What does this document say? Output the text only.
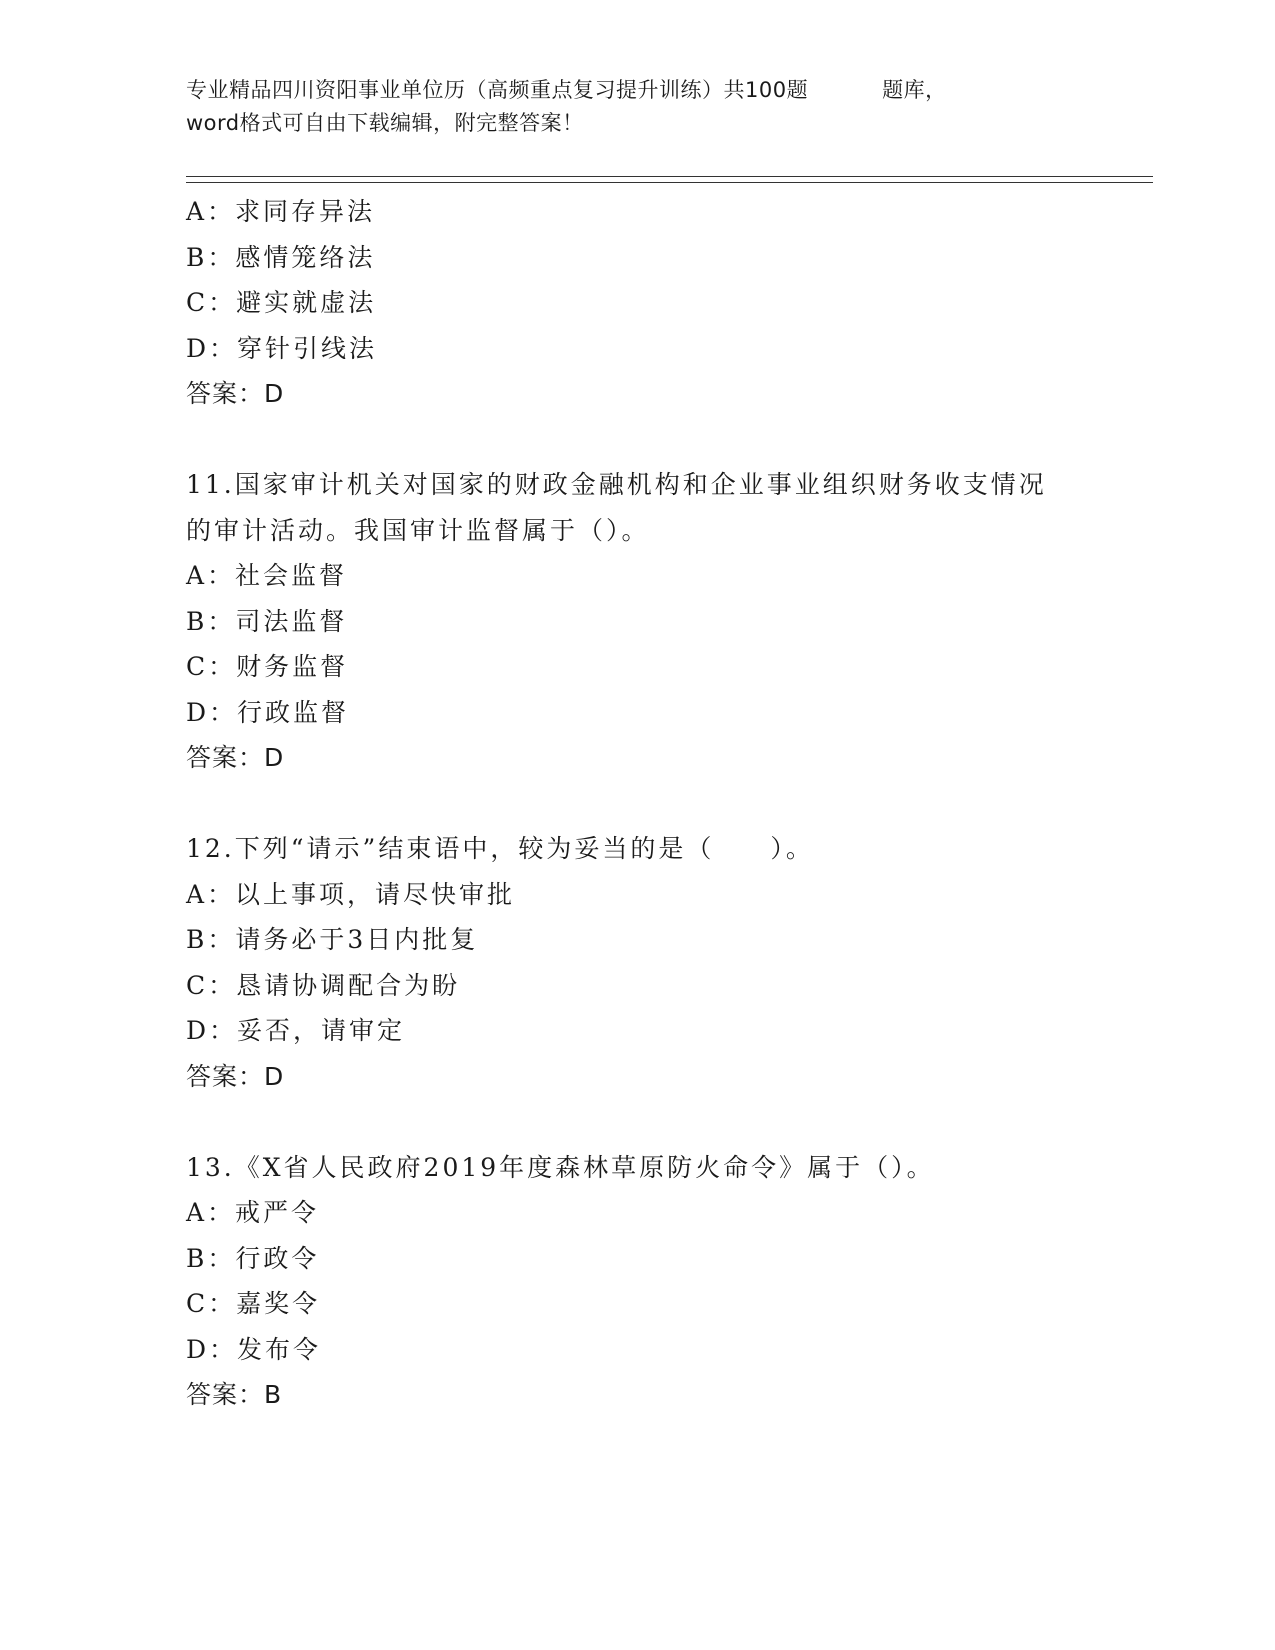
专业精品四川资阳事业单位历（高频重点复习提升训练）共100题	题库，
word格式可自由下载编辑，附完整答案！
A：求同存异法
B：感情笼络法
C：避实就虚法
D：穿针引线法
答案：D
11.国家审计机关对国家的财政金融机构和企业事业组织财务收支情况
的审计活动。我国审计监督属于（）。
A：社会监督
B：司法监督
C：财务监督
D：行政监督
答案：D
12.下列“请示”结束语中，较为妥当的是（　　）。
A：以上事项，请尽快审批
B：请务必于3日内批复
C：恳请协调配合为盼
D：妥否，请审定
答案：D
13.《X省人民政府2019年度森林草原防火命令》属于（）。
A：戒严令
B：行政令
C：嘉奖令
D：发布令
答案：B
